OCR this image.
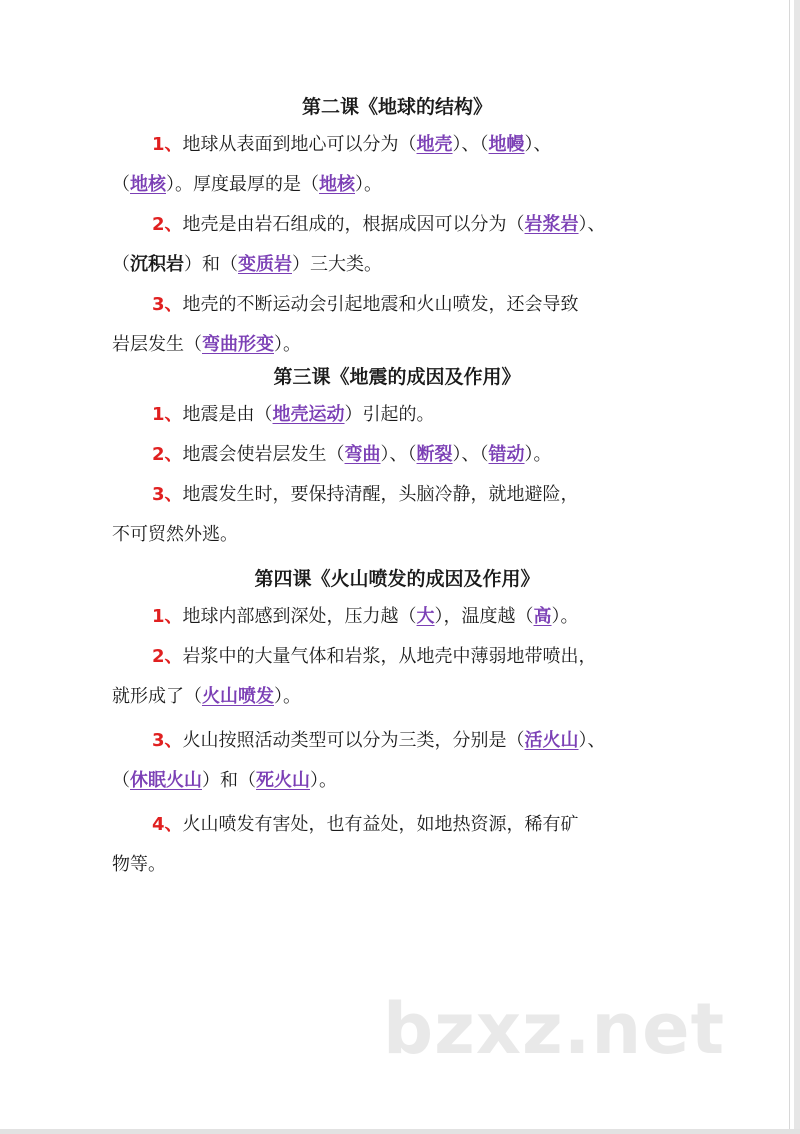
第二课《地球的结构》
1、地球从表面到地心可以分为（地壳）、（地幔）、
（地核）。厚度最厚的是（地核）。
2、地壳是由岩石组成的，根据成因可以分为（岩浆岩）、
（沉积岩）和（变质岩）三大类。
3、地壳的不断运动会引起地震和火山喷发，还会导致
岩层发生（弯曲形变）。
第三课《地震的成因及作用》
1、地震是由（地壳运动）引起的。
2、地震会使岩层发生（弯曲）、（断裂）、（错动）。
3、地震发生时，要保持清醒，头脑冷静，就地避险，
不可贸然外逃。
第四课《火山喷发的成因及作用》
1、地球内部感到深处，压力越（大），温度越（高）。
2、岩浆中的大量气体和岩浆，从地壳中薄弱地带喷出，
就形成了（火山喷发）。
3、火山按照活动类型可以分为三类，分别是（活火山）、
（休眠火山）和（死火山）。
4、火山喷发有害处，也有益处，如地热资源，稀有矿
物等。
bzxz.net
